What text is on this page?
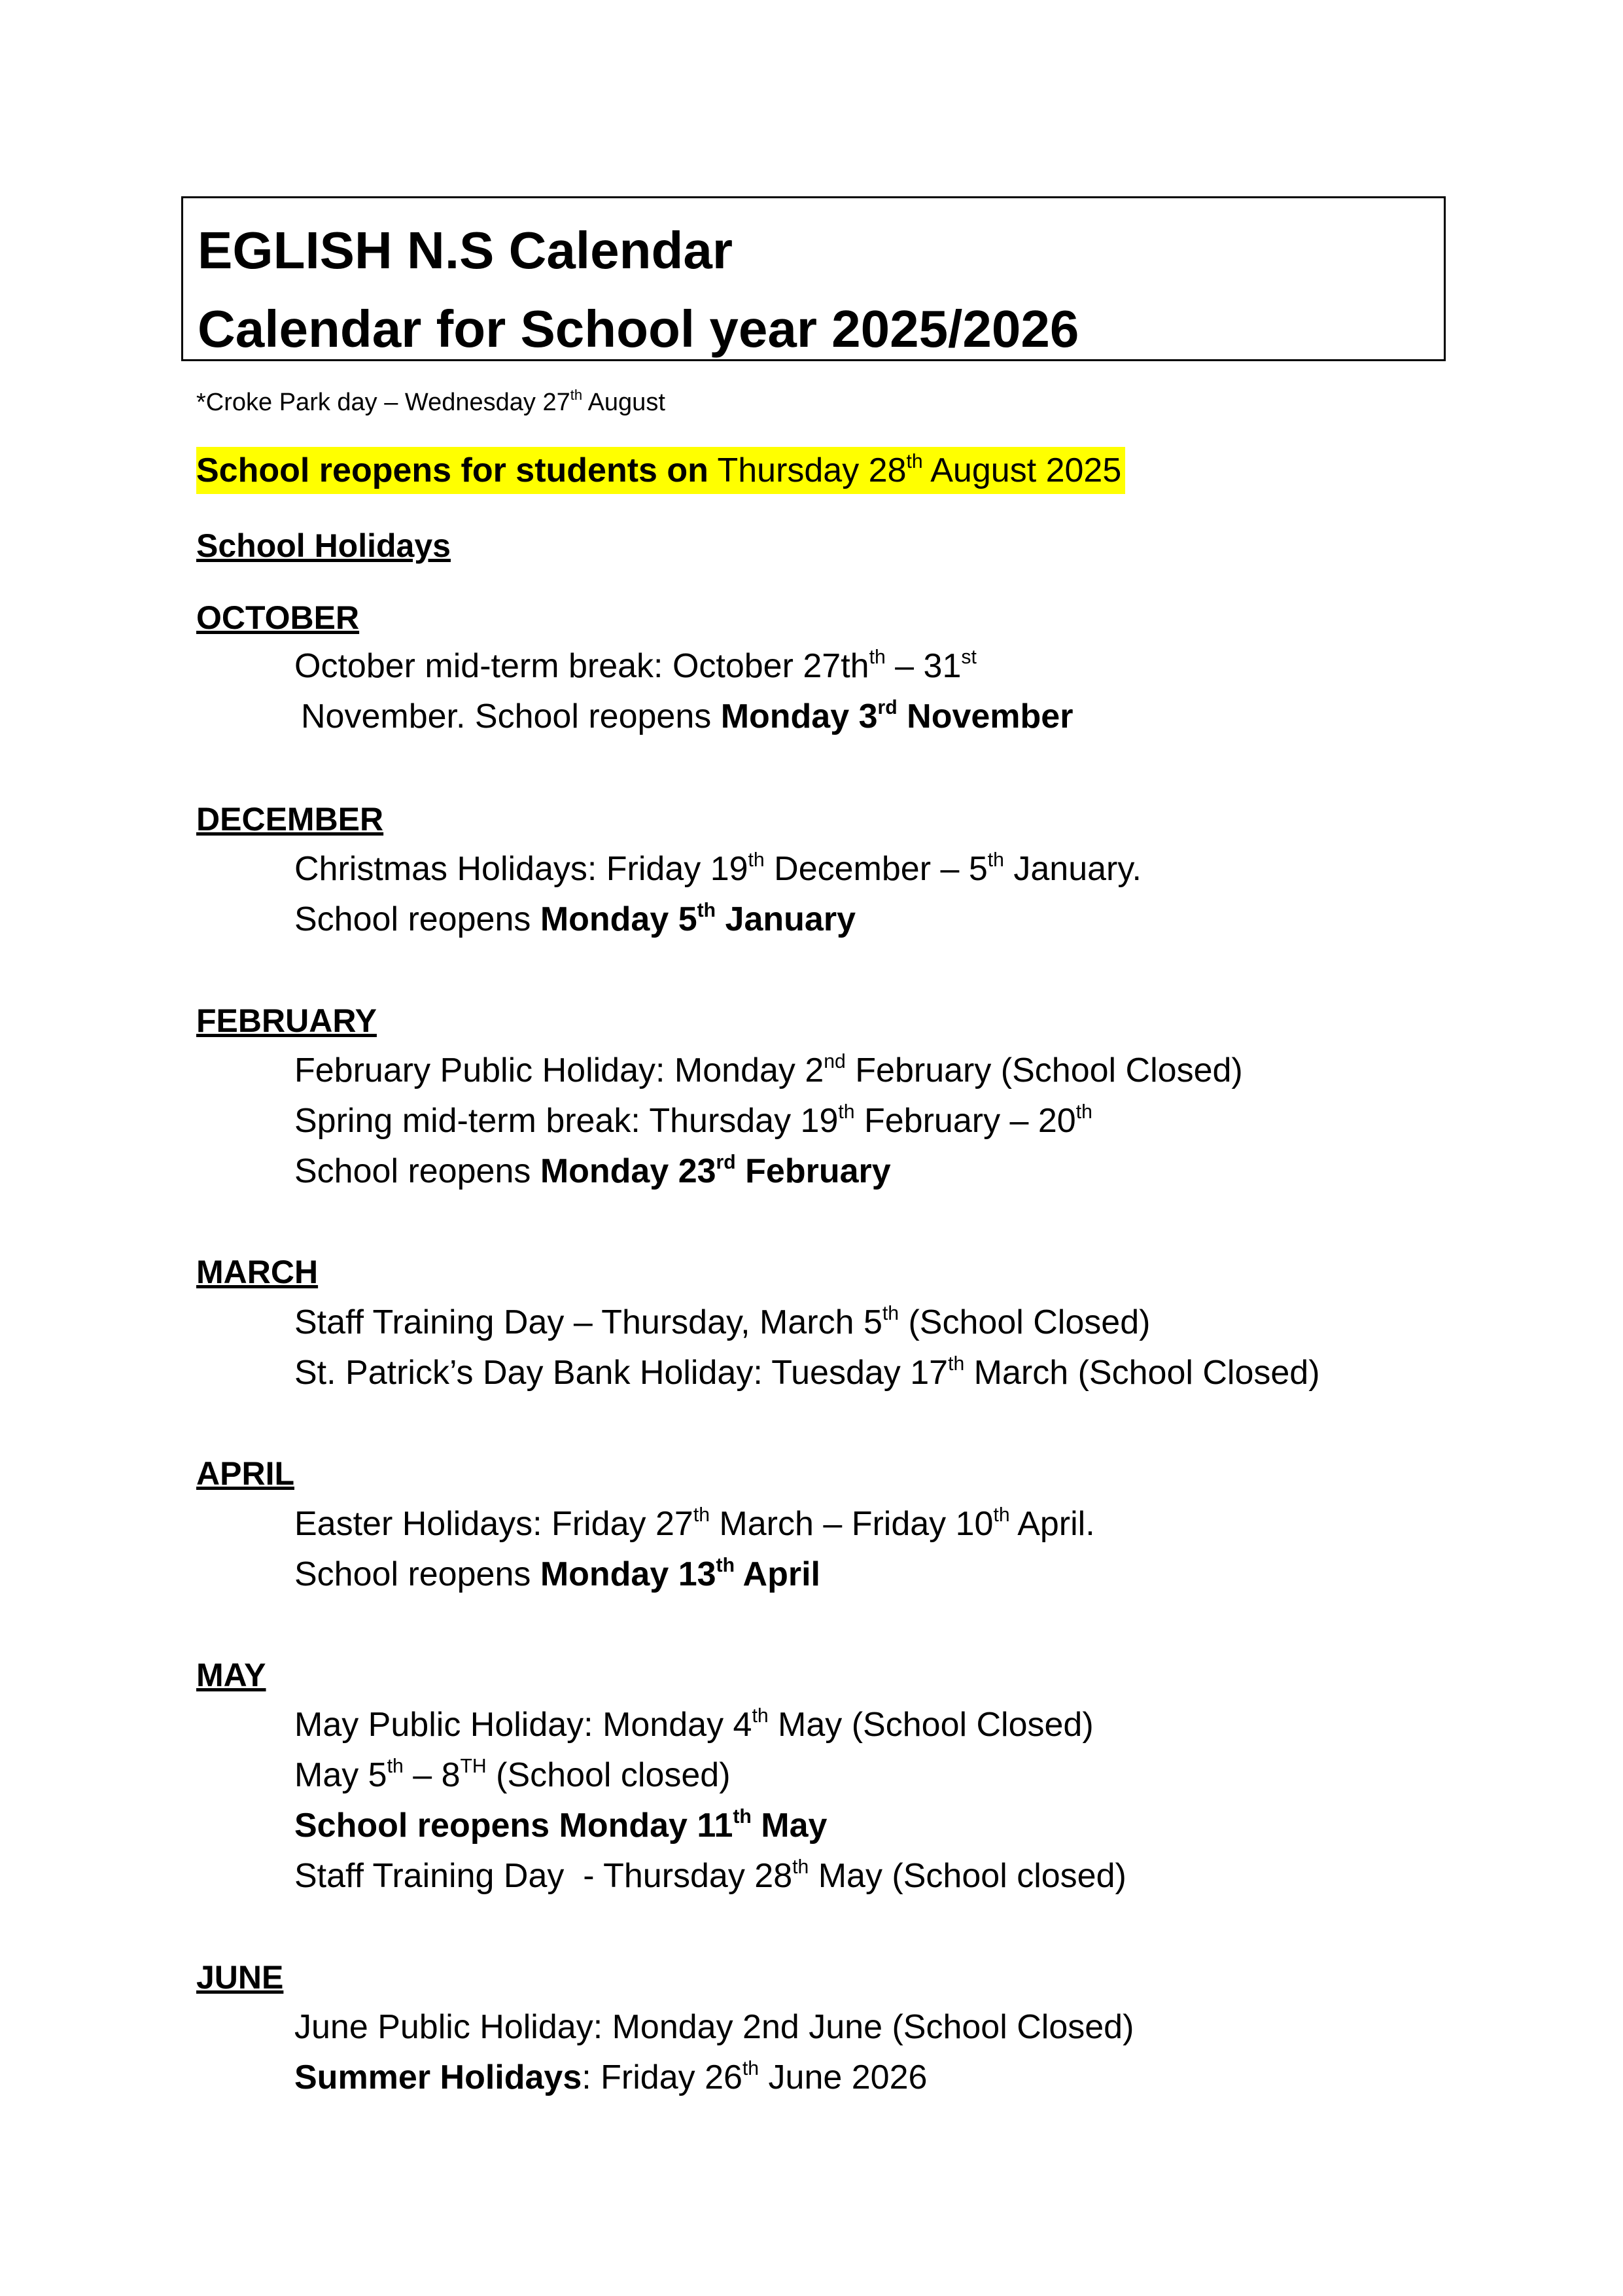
EGLISH N.S Calendar
Calendar for School year 2025/2026
*Croke Park day – Wednesday 27th August
School reopens for students on Thursday 28th August 2025
School Holidays
OCTOBER
October mid-term break: October $27th^{th} - 31st$
November. School reopens Monday 3rd November
DECEMBER
Christmas Holidays: Friday 19th December – 5th January.
School reopens Monday 5th January
FEBRUARY
February Public Holiday: Monday 2nd February (School Closed)
Spring mid-term break: Thursday 19th February – 20th
School reopens Monday 23rd February
MARCH
Staff Training Day – Thursday, March 5th (School Closed)
St. Patrick’s Day Bank Holiday: Tuesday 17th March (School Closed)
APRIL
Easter Holidays: Friday 27th March – Friday 10th April.
School reopens Monday 13th April
MAY
May Public Holiday: Monday 4th May (School Closed)
May 5th – 8TH (School closed)
School reopens Monday 11th May
Staff Training Day  - Thursday 28th May (School closed)
JUNE
June Public Holiday: Monday 2nd June (School Closed)
Summer Holidays: Friday 26th June 2026
